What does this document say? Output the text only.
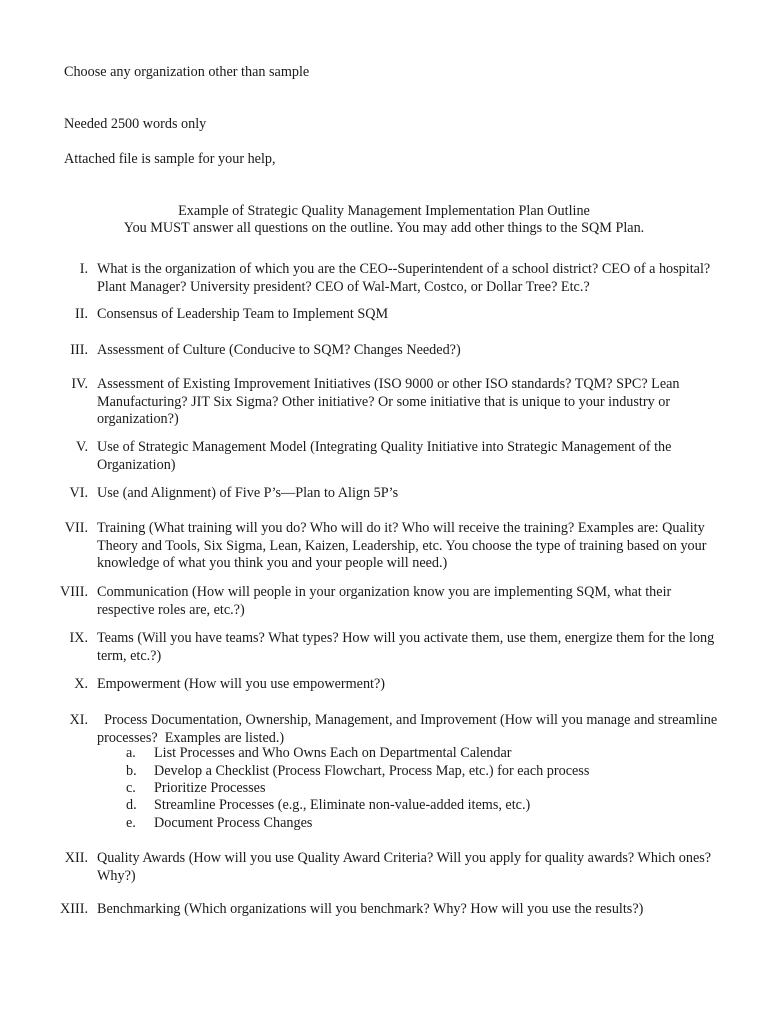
Choose any organization other than sample
Needed 2500 words only
Attached file is sample for your help,
Example of Strategic Quality Management Implementation Plan Outline
You MUST answer all questions on the outline. You may add other things to the SQM Plan.
I. What is the organization of which you are the CEO--Superintendent of a school district? CEO of a hospital? Plant Manager? University president? CEO of Wal-Mart, Costco, or Dollar Tree? Etc.?
II. Consensus of Leadership Team to Implement SQM
III. Assessment of Culture (Conducive to SQM? Changes Needed?)
IV. Assessment of Existing Improvement Initiatives (ISO 9000 or other ISO standards? TQM? SPC? Lean Manufacturing? JIT Six Sigma? Other initiative? Or some initiative that is unique to your industry or organization?)
V. Use of Strategic Management Model (Integrating Quality Initiative into Strategic Management of the Organization)
VI. Use (and Alignment) of Five P’s—Plan to Align 5P’s
VII. Training (What training will you do? Who will do it? Who will receive the training? Examples are: Quality Theory and Tools, Six Sigma, Lean, Kaizen, Leadership, etc. You choose the type of training based on your knowledge of what you think you and your people will need.)
VIII. Communication (How will people in your organization know you are implementing SQM, what their respective roles are, etc.?)
IX. Teams (Will you have teams? What types? How will you activate them, use them, energize them for the long term, etc.?)
X. Empowerment (How will you use empowerment?)
XI. Process Documentation, Ownership, Management, and Improvement (How will you manage and streamline processes?  Examples are listed.)
a. List Processes and Who Owns Each on Departmental Calendar
b. Develop a Checklist (Process Flowchart, Process Map, etc.) for each process
c. Prioritize Processes
d. Streamline Processes (e.g., Eliminate non-value-added items, etc.)
e. Document Process Changes
XII. Quality Awards (How will you use Quality Award Criteria? Will you apply for quality awards? Which ones? Why?)
XIII. Benchmarking (Which organizations will you benchmark? Why? How will you use the results?)
